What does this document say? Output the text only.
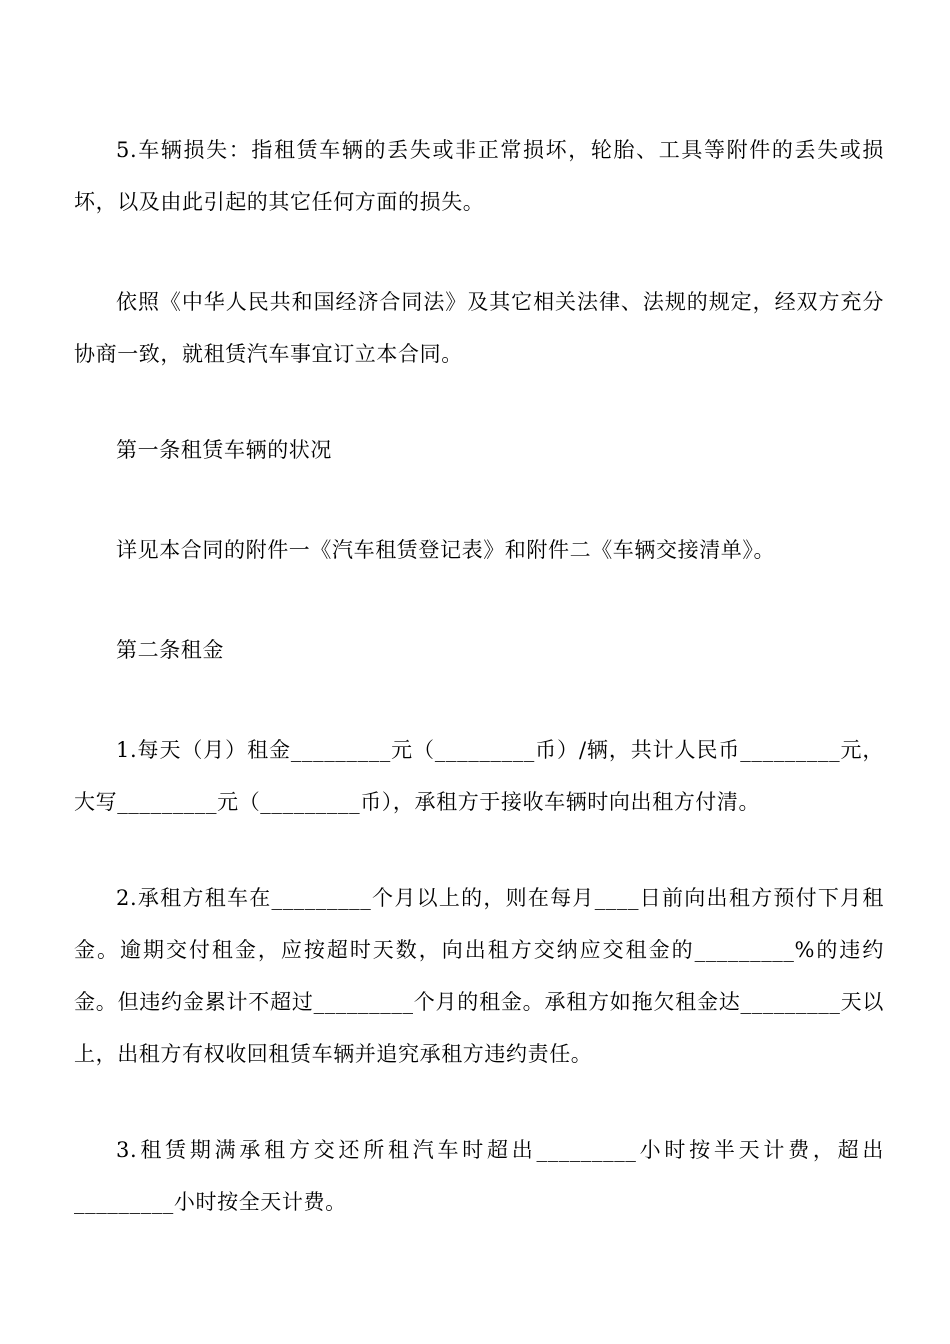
5.车辆损失：指租赁车辆的丢失或非正常损坏，轮胎、工具等附件的丢失或损坏，以及由此引起的其它任何方面的损失。

依照《中华人民共和国经济合同法》及其它相关法律、法规的规定，经双方充分协商一致，就租赁汽车事宜订立本合同。

第一条租赁车辆的状况

详见本合同的附件一《汽车租赁登记表》和附件二《车辆交接清单》。

第二条租金

1.每天（月）租金_________元（_________币）/辆，共计人民币_________元，大写_________元（_________币），承租方于接收车辆时向出租方付清。

2.承租方租车在_________个月以上的，则在每月____日前向出租方预付下月租金。逾期交付租金，应按超时天数，向出租方交纳应交租金的_________%的违约金。但违约金累计不超过_________个月的租金。承租方如拖欠租金达_________天以上，出租方有权收回租赁车辆并追究承租方违约责任。

3.租赁期满承租方交还所租汽车时超出_________小时按半天计费，超出_________小时按全天计费。
